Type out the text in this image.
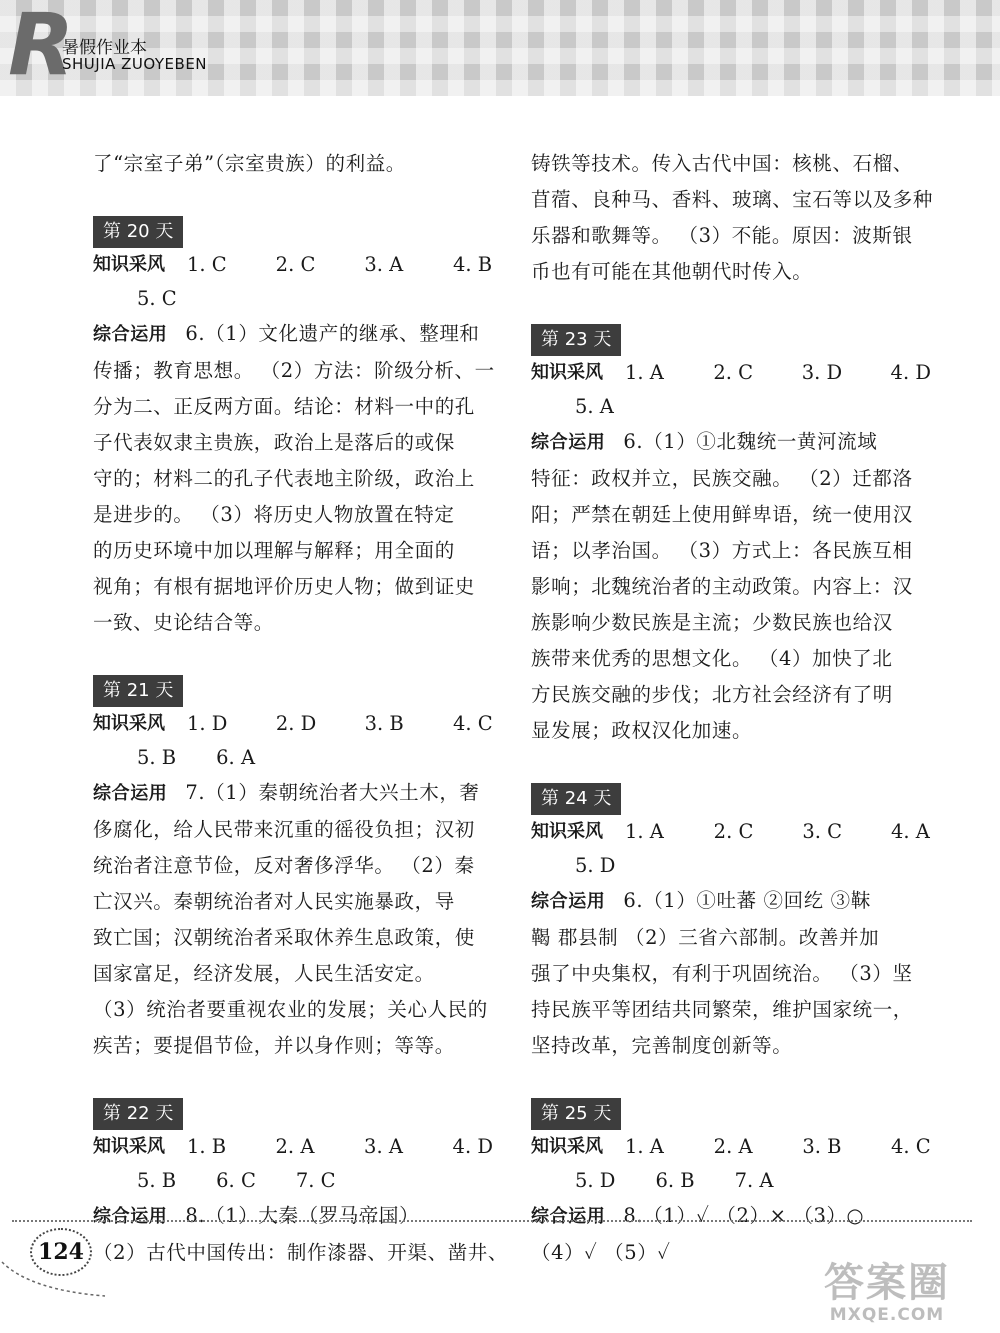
R
暑假作业本
SHUJIA ZUOYEBEN

了“宗室子弟”（宗室贵族）的利益。

第 20 天
知识采风 1. C	2. C	3. A	4. B
5. C

综合运用 6.（1）文化遗产的继承、整理和

传播；教育思想。 （2）方法：阶级分析、一

分为二、正反两方面。结论：材料一中的孔

子代表奴隶主贵族，政治上是落后的或保

守的；材料二的孔子代表地主阶级，政治上

是进步的。 （3）将历史人物放置在特定

的历史环境中加以理解与解释；用全面的

视角；有根有据地评价历史人物；做到证史

一致、史论结合等。

第 21 天
知识采风 1. D 2. D 3. B	4. C
5. B 6. A

综合运用 7.（1）秦朝统治者大兴土木，奢

侈腐化，给人民带来沉重的徭役负担；汉初

统治者注意节俭，反对奢侈浮华。 （2）秦

亡汉兴。秦朝统治者对人民实施暴政，导

致亡国；汉朝统治者采取休养生息政策，使

国家富足，经济发展，人民生活安定。

（3）统治者要重视农业的发展；关心人民的

疾苦；要提倡节俭，并以身作则；等等。

第 22 天
知识采风 1. B	2. A	3. A	4. D
5. B 6. C 7. C

综合运用 8.（1）大秦（罗马帝国）

（2）古代中国传出：制作漆器、开渠、凿井、

铸铁等技术。传入古代中国：核桃、石榴、

苜蓿、良种马、香料、玻璃、宝石等以及多种

乐器和歌舞等。 （3）不能。原因：波斯银

币也有可能在其他朝代时传入。

第 23 天
知识采风 1. A	2. C 3. D 4. D
5. A

综合运用 6.（1）①北魏统一黄河流域

特征：政权并立，民族交融。 （2）迁都洛

阳；严禁在朝廷上使用鲜卑语，统一使用汉

语；以孝治国。 （3）方式上：各民族互相

影响；北魏统治者的主动政策。内容上：汉

族影响少数民族是主流；少数民族也给汉

族带来优秀的思想文化。 （4）加快了北

方民族交融的步伐；北方社会经济有了明

显发展；政权汉化加速。

第 24 天
知识采风 1. A	2. C	3. C	4. A
5. D

综合运用 6.（1）①吐蕃 ②回纥 ③靺

鞨 郡县制 （2）三省六部制。改善并加

强了中央集权，有利于巩固统治。 （3）坚

持民族平等团结共同繁荣，维护国家统一，

坚持改革，完善制度创新等。

第 25 天
知识采风 1. A	2. A	3. B	4. C
5. D 6. B 7. A

综合运用 8.（1）✓ （2）× （3）○

（4）✓ （5）✓

124
答案圈
MXQE.COM
